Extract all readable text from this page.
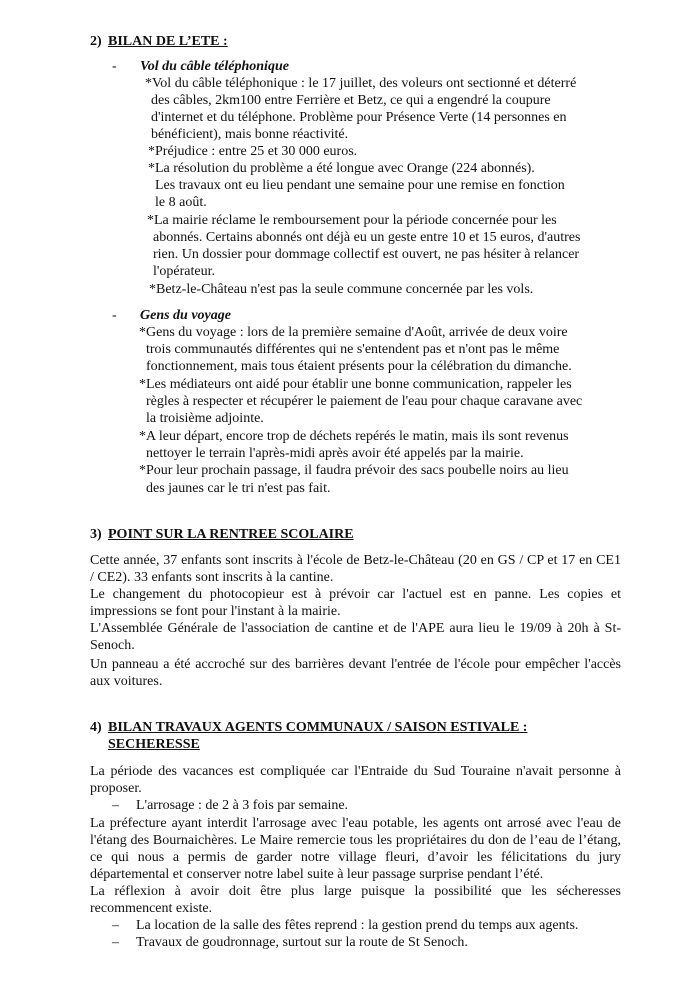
2) BILAN DE L’ETE :
- Vol du câble téléphonique
*Vol du câble téléphonique : le 17 juillet, des voleurs ont sectionné et déterré
des câbles, 2km100 entre Ferrière et Betz, ce qui a engendré la coupure
d'internet et du téléphone. Problème pour Présence Verte (14 personnes en
bénéficient), mais bonne réactivité.
*Préjudice : entre 25 et 30 000 euros.
*La résolution du problème a été longue avec Orange (224 abonnés).
Les travaux ont eu lieu pendant une semaine pour une remise en fonction
le 8 août.
*La mairie réclame le remboursement pour la période concernée pour les
abonnés. Certains abonnés ont déjà eu un geste entre 10 et 15 euros, d'autres
rien. Un dossier pour dommage collectif est ouvert, ne pas hésiter à relancer
l'opérateur.
*Betz-le-Château n'est pas la seule commune concernée par les vols.
- Gens du voyage
*Gens du voyage : lors de la première semaine d'Août, arrivée de deux voire
trois communautés différentes qui ne s'entendent pas et n'ont pas le même
fonctionnement, mais tous étaient présents pour la célébration du dimanche.
*Les médiateurs ont aidé pour établir une bonne communication, rappeler les
règles à respecter et récupérer le paiement de l'eau pour chaque caravane avec
la troisième adjointe.
*A leur départ, encore trop de déchets repérés le matin, mais ils sont revenus
nettoyer le terrain l'après-midi après avoir été appelés par la mairie.
*Pour leur prochain passage, il faudra prévoir des sacs poubelle noirs au lieu
des jaunes car le tri n'est pas fait.
3) POINT SUR LA RENTREE SCOLAIRE
Cette année, 37 enfants sont inscrits à l'école de Betz-le-Château (20 en GS / CP et 17 en CE1 / CE2). 33 enfants sont inscrits à la cantine.
Le changement du photocopieur est à prévoir car l'actuel est en panne. Les copies et impressions se font pour l'instant à la mairie.
L'Assemblée Générale de l'association de cantine et de l'APE aura lieu le 19/09 à 20h à St-Senoch.
Un panneau a été accroché sur des barrières devant l'entrée de l'école pour empêcher l'accès aux voitures.
4) BILAN TRAVAUX AGENTS COMMUNAUX / SAISON ESTIVALE :
SECHERESSE
La période des vacances est compliquée car l'Entraide du Sud Touraine n'avait personne à proposer.
– L'arrosage : de 2 à 3 fois par semaine.
La préfecture ayant interdit l'arrosage avec l'eau potable, les agents ont arrosé avec l'eau de l'étang des Bournaichères. Le Maire remercie tous les propriétaires du don de l’eau de l’étang, ce qui nous a permis de garder notre village fleuri, d’avoir les félicitations du jury départemental et conserver notre label suite à leur passage surprise pendant l’été.
La réflexion à avoir doit être plus large puisque la possibilité que les sécheresses recommencent existe.
– La location de la salle des fêtes reprend : la gestion prend du temps aux agents.
– Travaux de goudronnage, surtout sur la route de St Senoch.
